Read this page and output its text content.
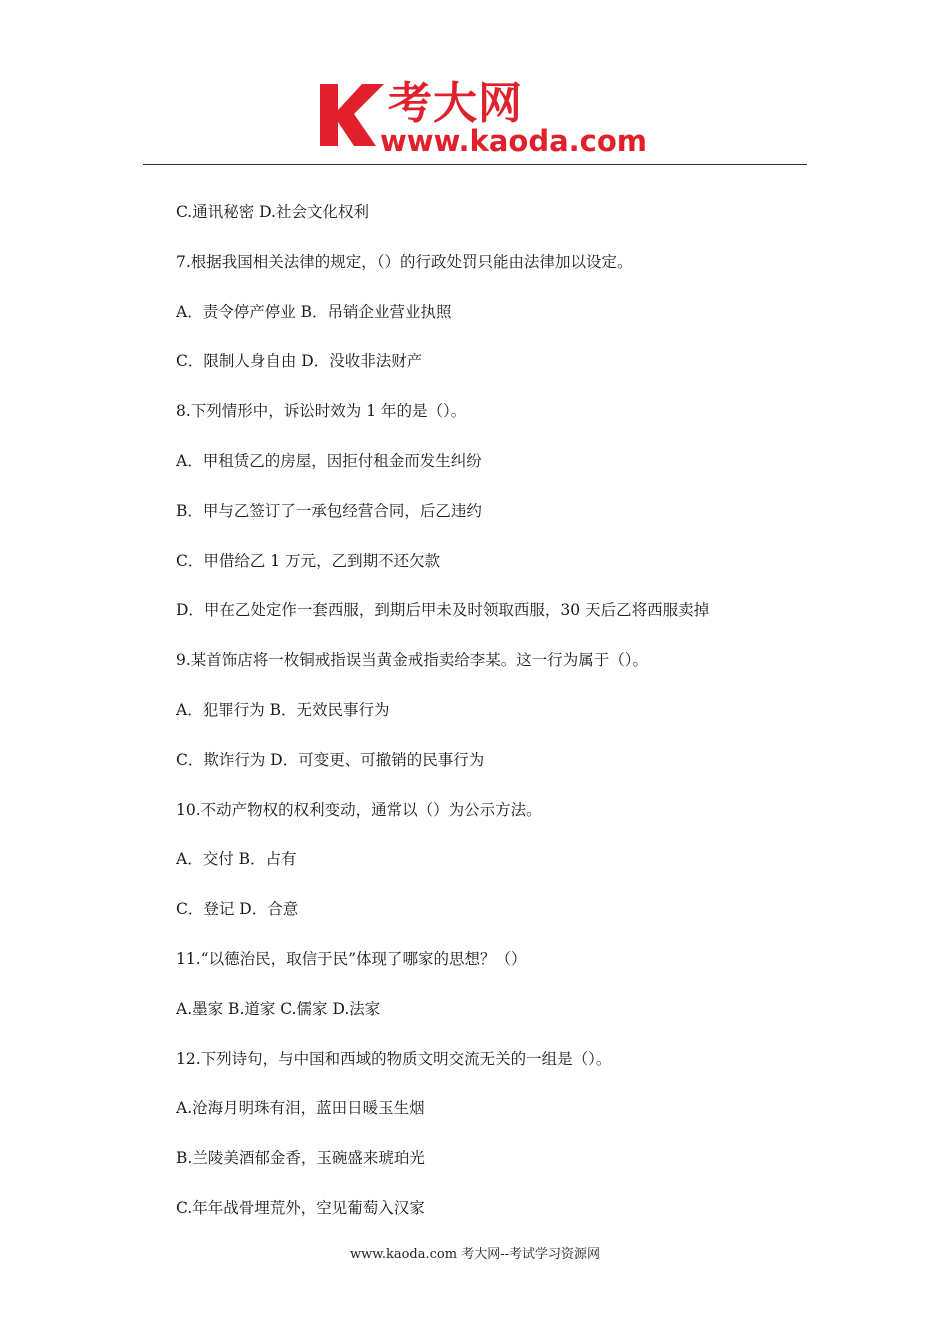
考大网
www.kaoda.com
C.通讯秘密 D.社会文化权利
7.根据我国相关法律的规定，（）的行政处罚只能由法律加以设定。
A．责令停产停业 B．吊销企业营业执照
C．限制人身自由 D．没收非法财产
8.下列情形中，诉讼时效为 1 年的是（）。
A．甲租赁乙的房屋，因拒付租金而发生纠纷
B．甲与乙签订了一承包经营合同，后乙违约
C．甲借给乙 1 万元，乙到期不还欠款
D．甲在乙处定作一套西服，到期后甲未及时领取西服，30 天后乙将西服卖掉
9.某首饰店将一枚铜戒指误当黄金戒指卖给李某。这一行为属于（）。
A．犯罪行为 B．无效民事行为
C．欺诈行为 D．可变更、可撤销的民事行为
10.不动产物权的权利变动，通常以（）为公示方法。
A．交付 B．占有
C．登记 D．合意
11.“以德治民，取信于民”体现了哪家的思想？（）
A.墨家 B.道家 C.儒家 D.法家
12.下列诗句，与中国和西域的物质文明交流无关的一组是（）。
A.沧海月明珠有泪，蓝田日暖玉生烟
B.兰陵美酒郁金香，玉碗盛来琥珀光
C.年年战骨埋荒外，空见葡萄入汉家
www.kaoda.com 考大网--考试学习资源网
